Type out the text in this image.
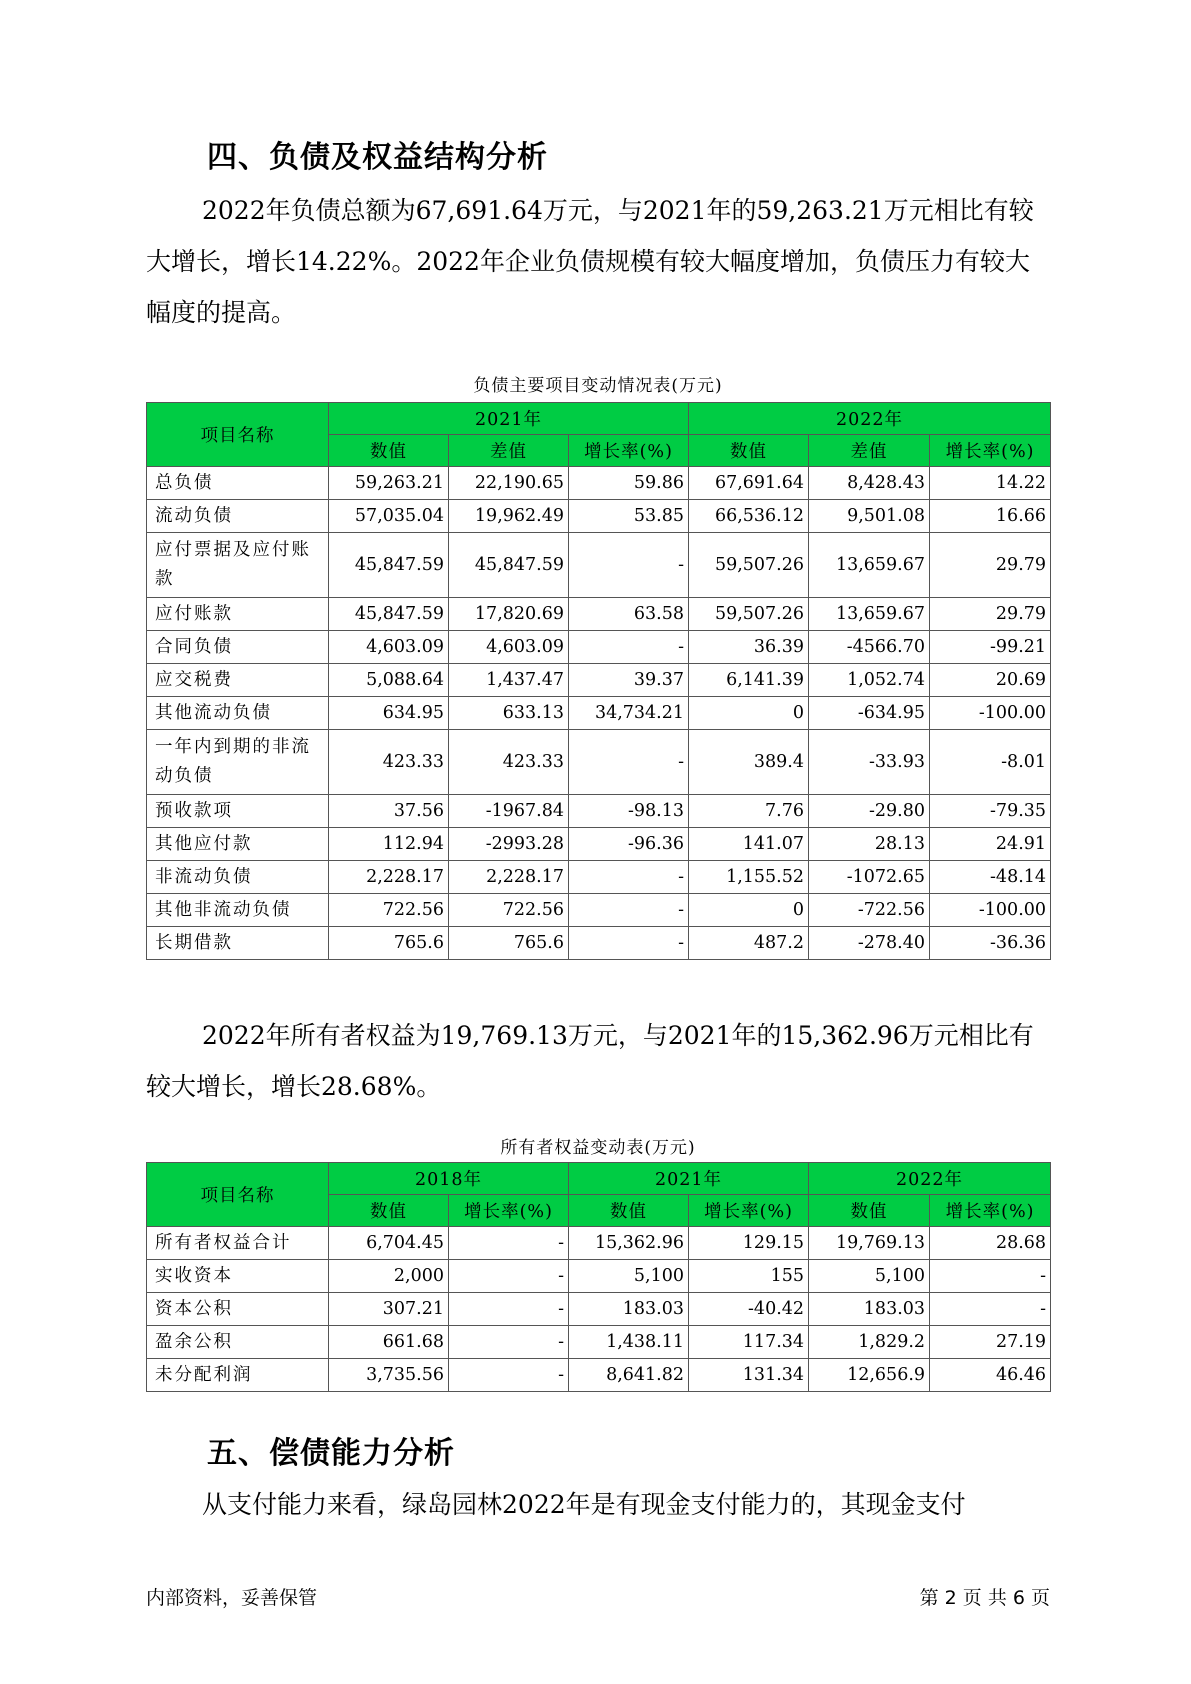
四、负债及权益结构分析

2022年负债总额为67,691.64万元，与2021年的59,263.21万元相比有较大增长，增长14.22%。2022年企业负债规模有较大幅度增加，负债压力有较大幅度的提高。

负债主要项目变动情况表(万元)
项目名称	2021年			2022年		
	数值	差值	增长率(%)	数值	差值	增长率(%)
总负债	59,263.21	22,190.65	59.86	67,691.64	8,428.43	14.22
流动负债	57,035.04	19,962.49	53.85	66,536.12	9,501.08	16.66
应付票据及应付账款	45,847.59	45,847.59	-	59,507.26	13,659.67	29.79
应付账款	45,847.59	17,820.69	63.58	59,507.26	13,659.67	29.79
合同负债	4,603.09	4,603.09	-	36.39	-4566.70	-99.21
应交税费	5,088.64	1,437.47	39.37	6,141.39	1,052.74	20.69
其他流动负债	634.95	633.13	34,734.21	0	-634.95	-100.00
一年内到期的非流动负债	423.33	423.33	-	389.4	-33.93	-8.01
预收款项	37.56	-1967.84	-98.13	7.76	-29.80	-79.35
其他应付款	112.94	-2993.28	-96.36	141.07	28.13	24.91
非流动负债	2,228.17	2,228.17	-	1,155.52	-1072.65	-48.14
其他非流动负债	722.56	722.56	-	0	-722.56	-100.00
长期借款	765.6	765.6	-	487.2	-278.40	-36.36

2022年所有者权益为19,769.13万元，与2021年的15,362.96万元相比有较大增长，增长28.68%。

所有者权益变动表(万元)
项目名称	2018年		2021年		2022年	
	数值	增长率(%)	数值	增长率(%)	数值	增长率(%)
所有者权益合计	6,704.45	-	15,362.96	129.15	19,769.13	28.68
实收资本	2,000	-	5,100	155	5,100	-
资本公积	307.21	-	183.03	-40.42	183.03	-
盈余公积	661.68	-	1,438.11	117.34	1,829.2	27.19
未分配利润	3,735.56	-	8,641.82	131.34	12,656.9	46.46
五、偿债能力分析

从支付能力来看，绿岛园林2022年是有现金支付能力的，其现金支付

内部资料，妥善保管	第 2 页 共 6 页
